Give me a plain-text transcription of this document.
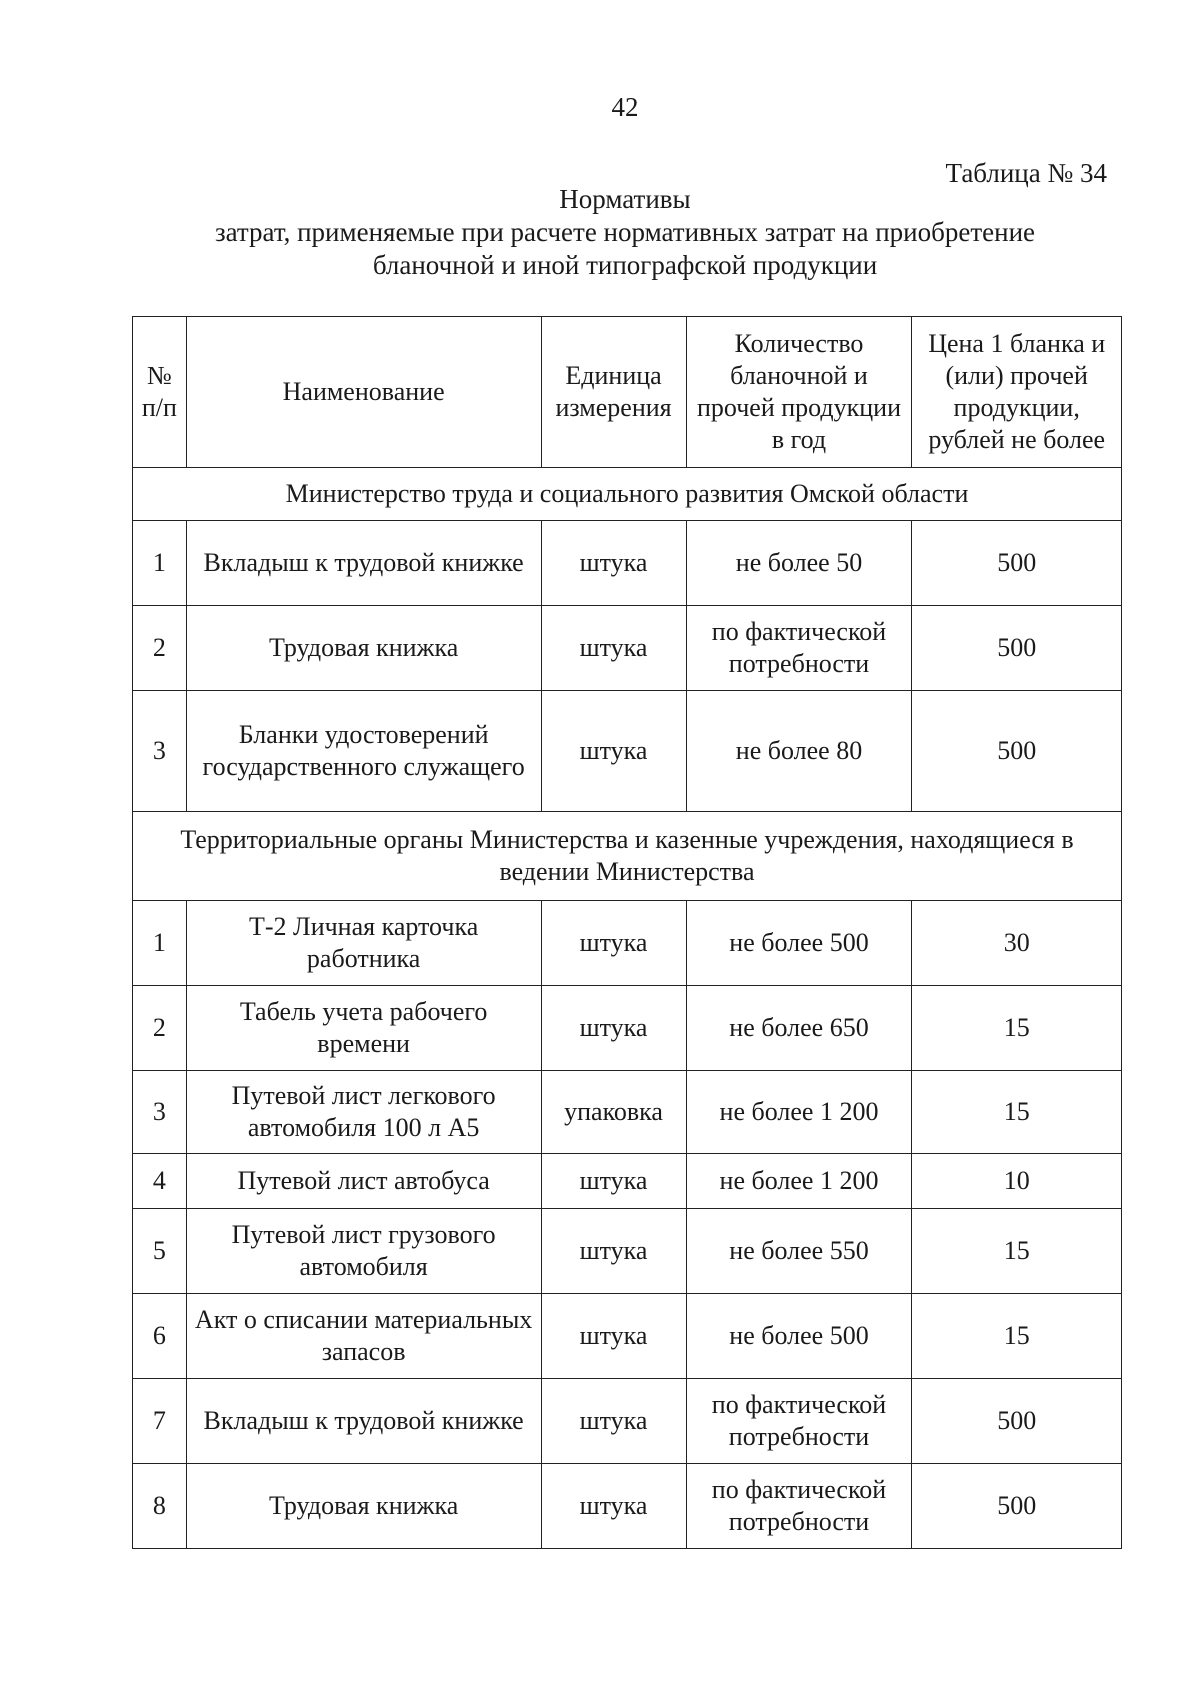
42
Таблица № 34
Нормативы
затрат, применяемые при расчете нормативных затрат на приобретение
бланочной и иной типографской продукции
№ п/п	Наименование	Единица измерения	Количество бланочной и прочей продукции в год	Цена 1 бланка и (или) прочей продукции, рублей не более
Министерство труда и социального развития Омской области				
1	Вкладыш к трудовой книжке	штука	не более 50	500
2	Трудовая книжка	штука	по фактической потребности	500
3	Бланки удостоверений государственного служащего	штука	не более 80	500
Территориальные органы Министерства и казенные учреждения, находящиеся в ведении Министерства				
1	Т-2 Личная карточка работника	штука	не более 500	30
2	Табель учета рабочего времени	штука	не более 650	15
3	Путевой лист легкового автомобиля 100 л А5	упаковка	не более 1 200	15
4	Путевой лист автобуса	штука	не более 1 200	10
5	Путевой лист грузового автомобиля	штука	не более 550	15
6	Акт о списании материальных запасов	штука	не более 500	15
7	Вкладыш к трудовой книжке	штука	по фактической потребности	500
8	Трудовая книжка	штука	по фактической потребности	500
